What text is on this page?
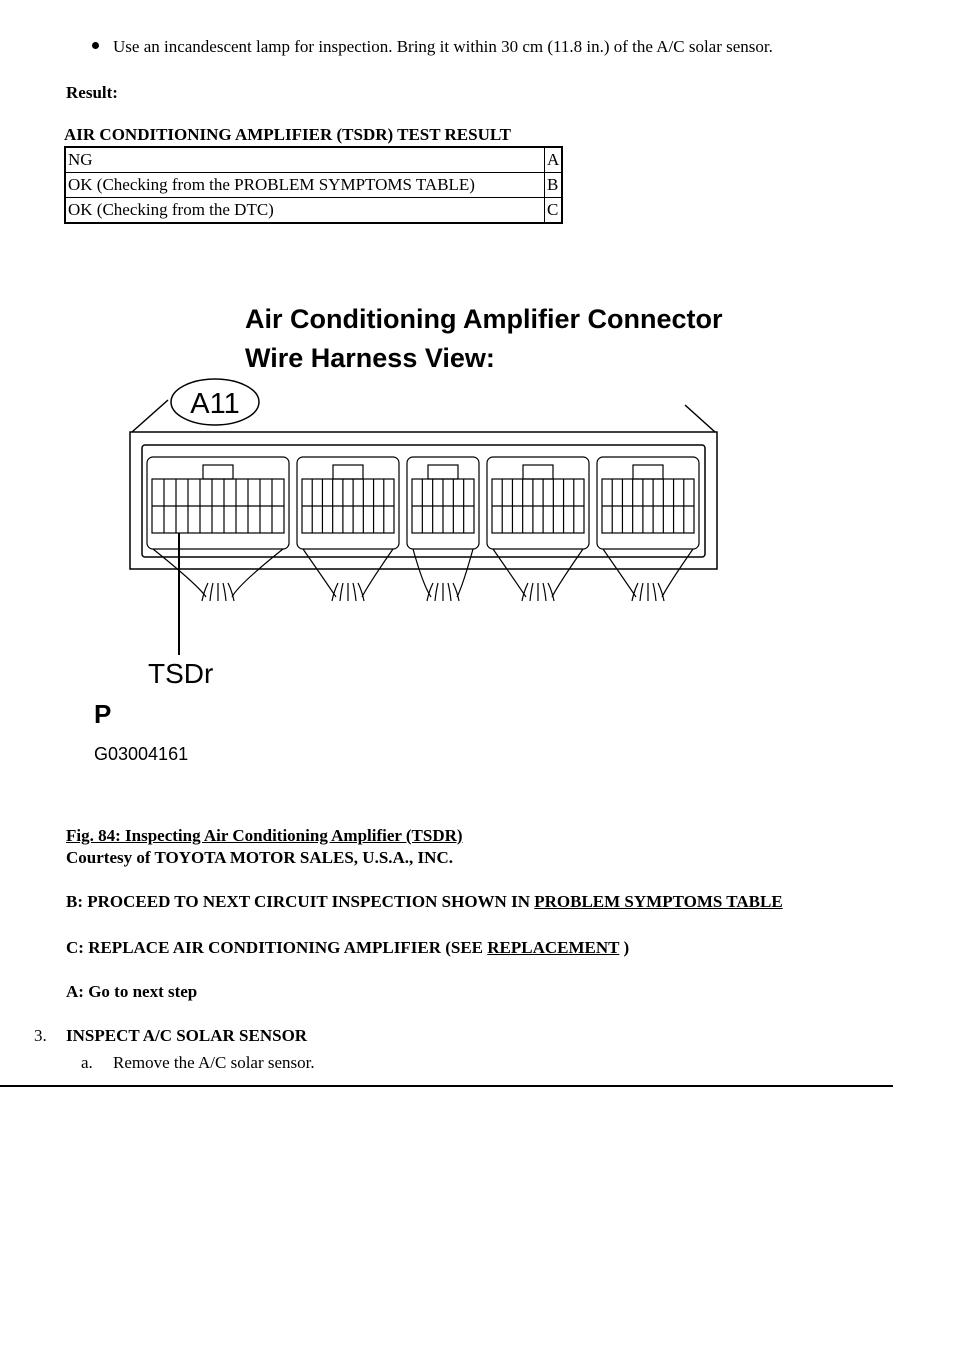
Use an incandescent lamp for inspection. Bring it within 30 cm (11.8 in.) of the A/C solar sensor.
Result:
AIR CONDITIONING AMPLIFIER (TSDR) TEST RESULT
NG	A
OK (Checking from the PROBLEM SYMPTOMS TABLE)	B
OK (Checking from the DTC)	C
Air Conditioning Amplifier Connector
Wire Harness View:
A11
TSDr
P
G03004161
Fig. 84: Inspecting Air Conditioning Amplifier (TSDR)
Courtesy of TOYOTA MOTOR SALES, U.S.A., INC.
B: PROCEED TO NEXT CIRCUIT INSPECTION SHOWN IN PROBLEM SYMPTOMS TABLE
C: REPLACE AIR CONDITIONING AMPLIFIER (SEE REPLACEMENT )
A: Go to next step
3. INSPECT A/C SOLAR SENSOR
a. Remove the A/C solar sensor.
